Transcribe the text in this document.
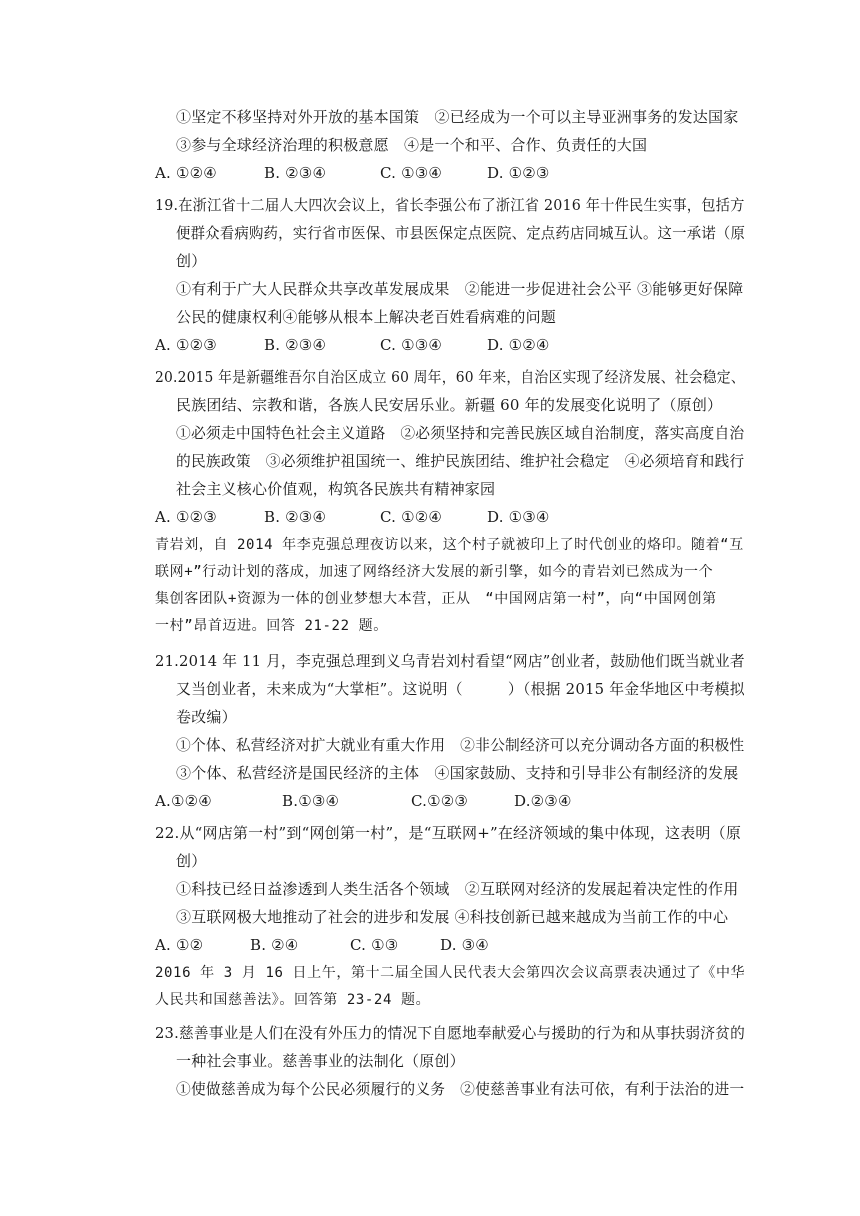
①坚定不移坚持对外开放的基本国策　②已经成为一个可以主导亚洲事务的发达国家
③参与全球经济治理的积极意愿　④是一个和平、合作、负责任的大国
A. ①②④	B. ②③④	C. ①③④	D. ①②③
19.在浙江省十二届人大四次会议上，省长李强公布了浙江省 2016 年十件民生实事，包括方
便群众看病购药，实行省市医保、市县医保定点医院、定点药店同城互认。这一承诺（原
创）
①有利于广大人民群众共享改革发展成果　②能进一步促进社会公平 ③能够更好保障
公民的健康权利④能够从根本上解决老百姓看病难的问题
A. ①②③	B. ②③④	C. ①③④	D. ①②④
20.2015 年是新疆维吾尔自治区成立 60 周年，60 年来，自治区实现了经济发展、社会稳定、
民族团结、宗教和谐，各族人民安居乐业。新疆 60 年的发展变化说明了（原创）
①必须走中国特色社会主义道路　②必须坚持和完善民族区域自治制度，落实高度自治
的民族政策　③必须维护祖国统一、维护民族团结、维护社会稳定　④必须培育和践行
社会主义核心价值观，构筑各民族共有精神家园
A. ①②③	B. ②③④	C. ①②④	D. ①③④
青岩刘，自 2014 年李克强总理夜访以来，这个村子就被印上了时代创业的烙印。随着“互
联网+”行动计划的落成，加速了网络经济大发展的新引擎，如今的青岩刘已然成为一个
集创客团队+资源为一体的创业梦想大本营，正从　“中国网店第一村”，向“中国网创第
一村”昂首迈进。回答 21-22 题。
21.2014 年 11 月，李克强总理到义乌青岩刘村看望“网店”创业者，鼓励他们既当就业者
又当创业者，未来成为“大掌柜”。这说明（　　　）（根据 2015 年金华地区中考模拟
卷改编）
①个体、私营经济对扩大就业有重大作用　②非公制经济可以充分调动各方面的积极性
③个体、私营经济是国民经济的主体　④国家鼓励、支持和引导非公有制经济的发展
A.①②④	B.①③④	C.①②③	D.②③④
22.从“网店第一村”到“网创第一村”，是“互联网+”在经济领域的集中体现，这表明（原
创）
①科技已经日益渗透到人类生活各个领域　②互联网对经济的发展起着决定性的作用
③互联网极大地推动了社会的进步和发展 ④科技创新已越来越成为当前工作的中心
A. ①②	B. ②④	C. ①③	D. ③④
2016 年 3 月 16 日上午，第十二届全国人民代表大会第四次会议高票表决通过了《中华
人民共和国慈善法》。回答第 23-24 题。
23.慈善事业是人们在没有外压力的情况下自愿地奉献爱心与援助的行为和从事扶弱济贫的
一种社会事业。慈善事业的法制化（原创）
①使做慈善成为每个公民必须履行的义务　②使慈善事业有法可依，有利于法治的进一
